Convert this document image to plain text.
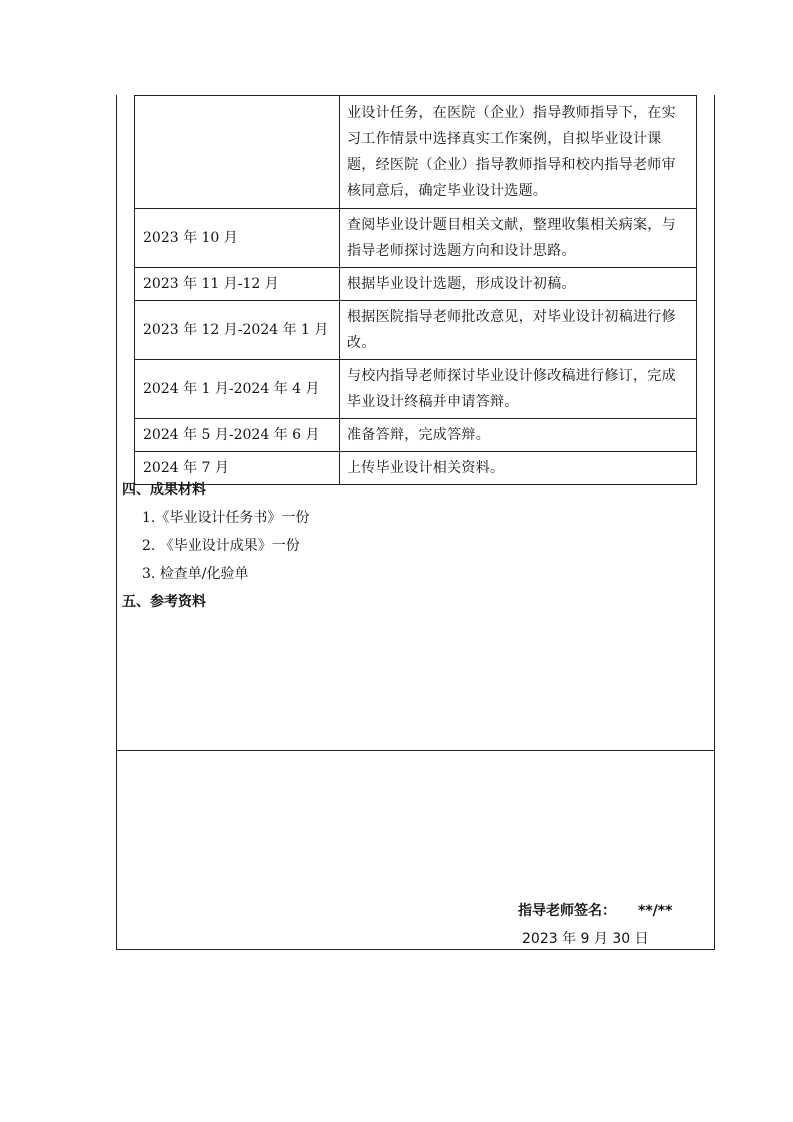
	业设计任务，在医院（企业）指导教师指导下，在实习工作情景中选择真实工作案例，自拟毕业设计课题，经医院（企业）指导教师指导和校内指导老师审核同意后，确定毕业设计选题。
2023 年 10 月	查阅毕业设计题目相关文献，整理收集相关病案，与指导老师探讨选题方向和设计思路。
2023 年 11 月-12 月	根据毕业设计选题，形成设计初稿。
2023 年 12 月-2024 年 1 月	根据医院指导老师批改意见，对毕业设计初稿进行修改。
2024 年 1 月-2024 年 4 月	与校内指导老师探讨毕业设计修改稿进行修订，完成毕业设计终稿并申请答辩。
2024 年 5 月-2024 年 6 月	准备答辩，完成答辩。
2024 年 7 月	上传毕业设计相关资料。
四、成果材料
1.《毕业设计任务书》一份
2. 《毕业设计成果》一份
3. 检查单/化验单
五、参考资料
指导老师签名： **/**
2023 年 9 月 30 日
